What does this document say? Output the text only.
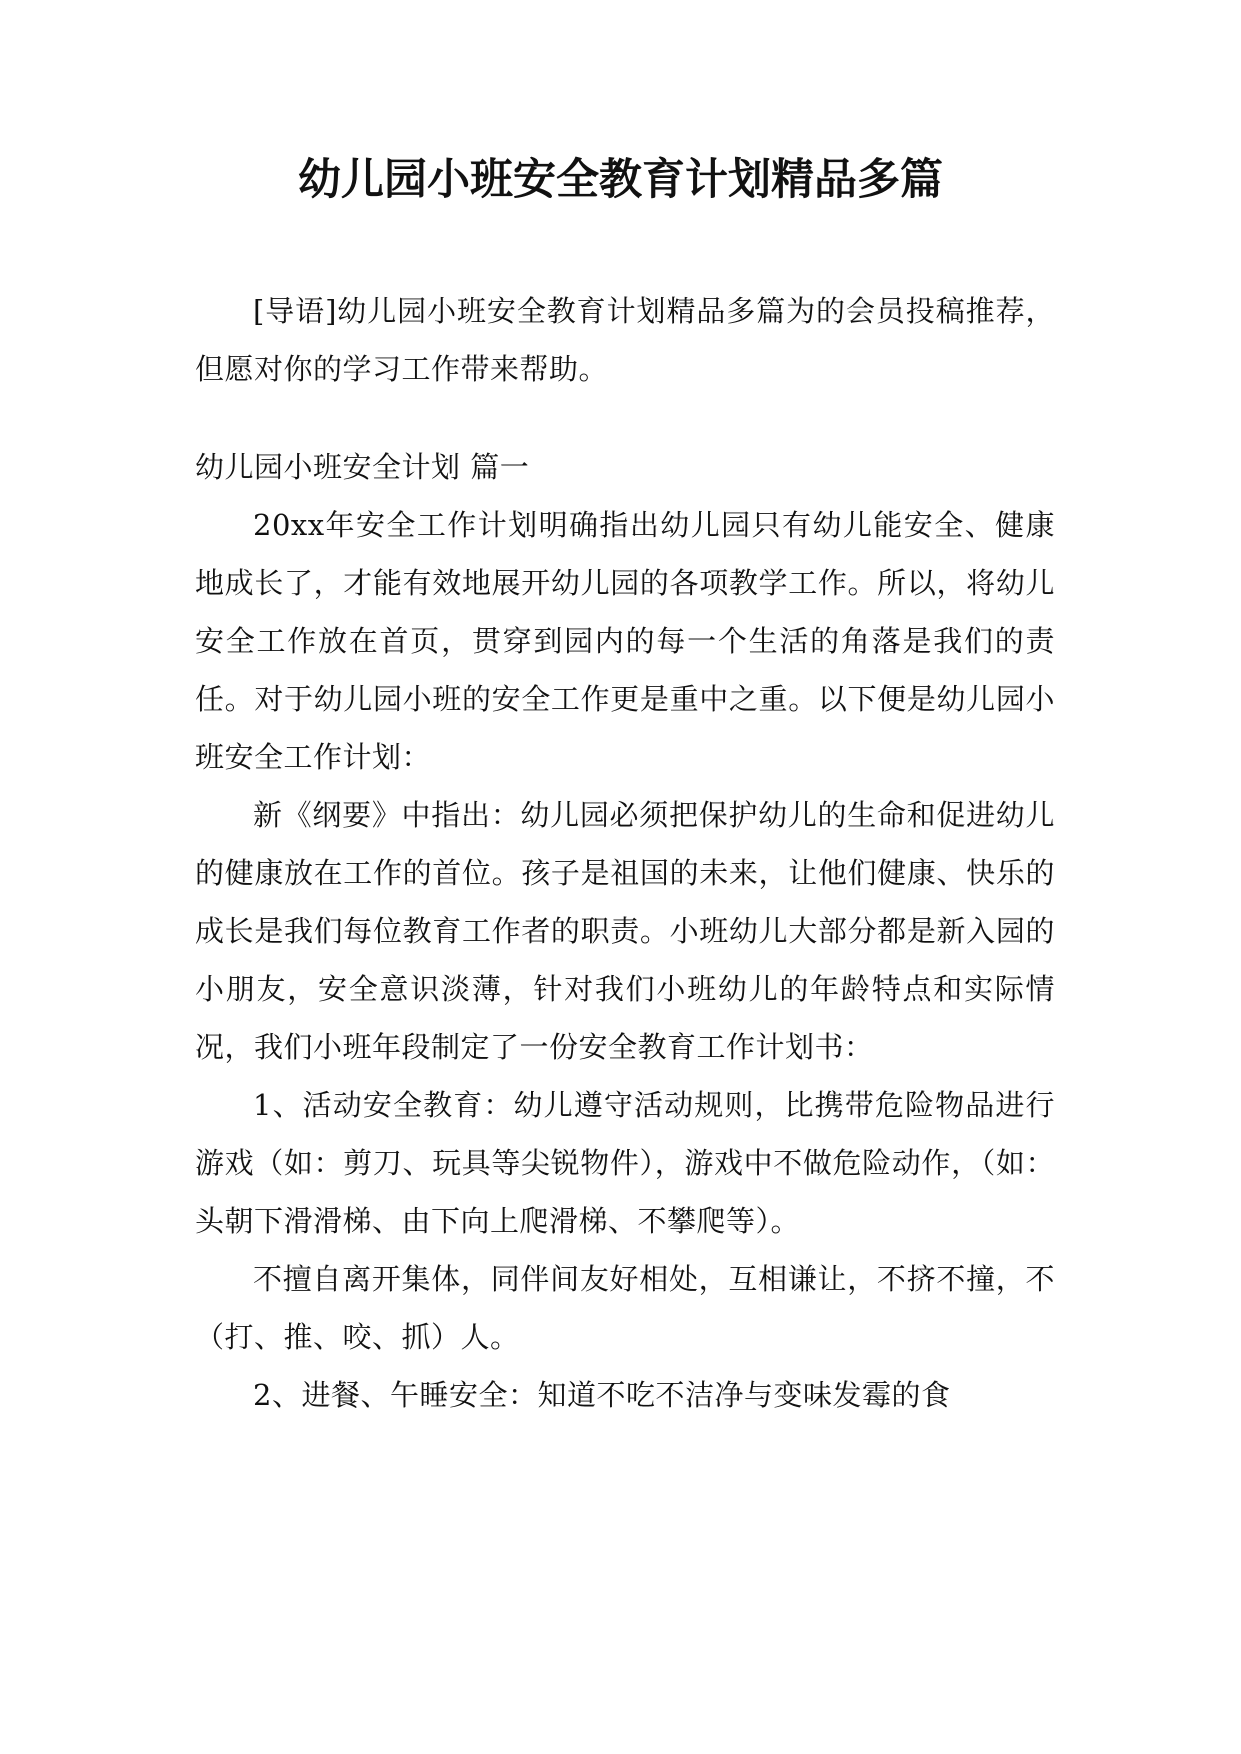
幼儿园小班安全教育计划精品多篇

[导语]幼儿园小班安全教育计划精品多篇为的会员投稿推荐，但愿对你的学习工作带来帮助。

幼儿园小班安全计划 篇一

20xx年安全工作计划明确指出幼儿园只有幼儿能安全、健康地成长了，才能有效地展开幼儿园的各项教学工作。所以，将幼儿安全工作放在首页，贯穿到园内的每一个生活的角落是我们的责任。对于幼儿园小班的安全工作更是重中之重。以下便是幼儿园小班安全工作计划：

新《纲要》中指出：幼儿园必须把保护幼儿的生命和促进幼儿的健康放在工作的首位。孩子是祖国的未来，让他们健康、快乐的成长是我们每位教育工作者的职责。小班幼儿大部分都是新入园的小朋友，安全意识淡薄，针对我们小班幼儿的年龄特点和实际情况，我们小班年段制定了一份安全教育工作计划书：

1、活动安全教育：幼儿遵守活动规则，比携带危险物品进行游戏（如：剪刀、玩具等尖锐物件），游戏中不做危险动作，（如：头朝下滑滑梯、由下向上爬滑梯、不攀爬等）。

不擅自离开集体，同伴间友好相处，互相谦让，不挤不撞，不（打、推、咬、抓）人。

2、进餐、午睡安全：知道不吃不洁净与变味发霉的食
